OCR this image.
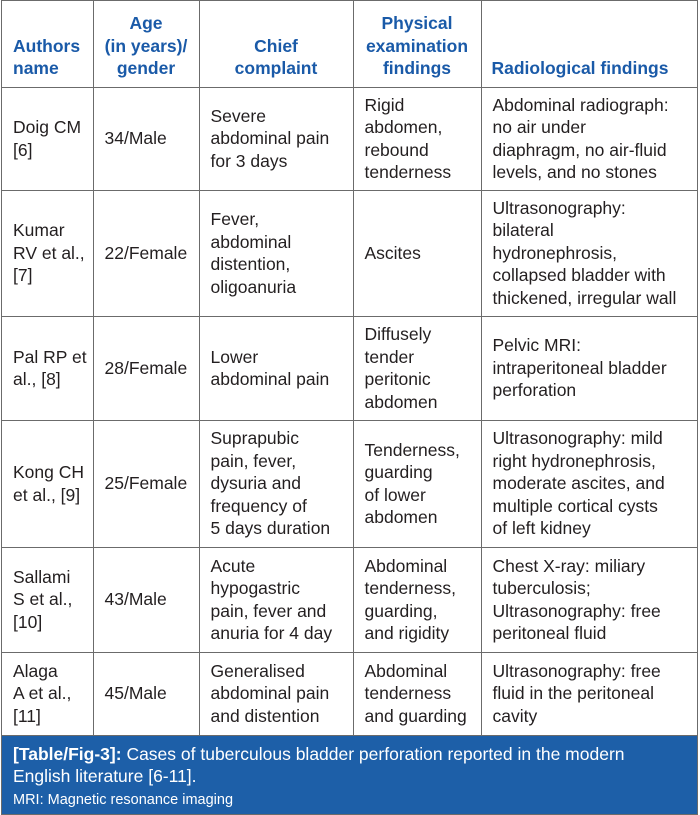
Authors
name	Age
(in years)/
gender	Chief
complaint	Physical
examination
findings	Radiological findings

Doig CM
[6]	34/Male	Severe
abdominal pain
for 3 days	Rigid
abdomen,
rebound
tenderness	Abdominal radiograph:
no air under
diaphragm, no air-fluid
levels, and no stones

Kumar
RV et al.,
[7]	22/Female	Fever,
abdominal
distention,
oligoanuria	Ascites	Ultrasonography:
bilateral
hydronephrosis,
collapsed bladder with
thickened, irregular wall

Pal RP et
al., [8]	28/Female	Lower
abdominal pain	Diffusely
tender
peritonic
abdomen	Pelvic MRI:
intraperitoneal bladder
perforation

Kong CH
et al., [9]	25/Female	Suprapubic
pain, fever,
dysuria and
frequency of
5 days duration	Tenderness,
guarding
of lower
abdomen	Ultrasonography: mild
right hydronephrosis,
moderate ascites, and
multiple cortical cysts
of left kidney

Sallami
S et al.,
[10]	43/Male	Acute
hypogastric
pain, fever and
anuria for 4 day	Abdominal
tenderness,
guarding,
and rigidity	Chest X-ray: miliary
tuberculosis;
Ultrasonography: free
peritoneal fluid

Alaga
A et al.,
[11]	45/Male	Generalised
abdominal pain
and distention	Abdominal
tenderness
and guarding	Ultrasonography: free
fluid in the peritoneal
cavity
[Table/Fig-3]: Cases of tuberculous bladder perforation reported in the modern
English literature [6-11].
MRI: Magnetic resonance imaging
